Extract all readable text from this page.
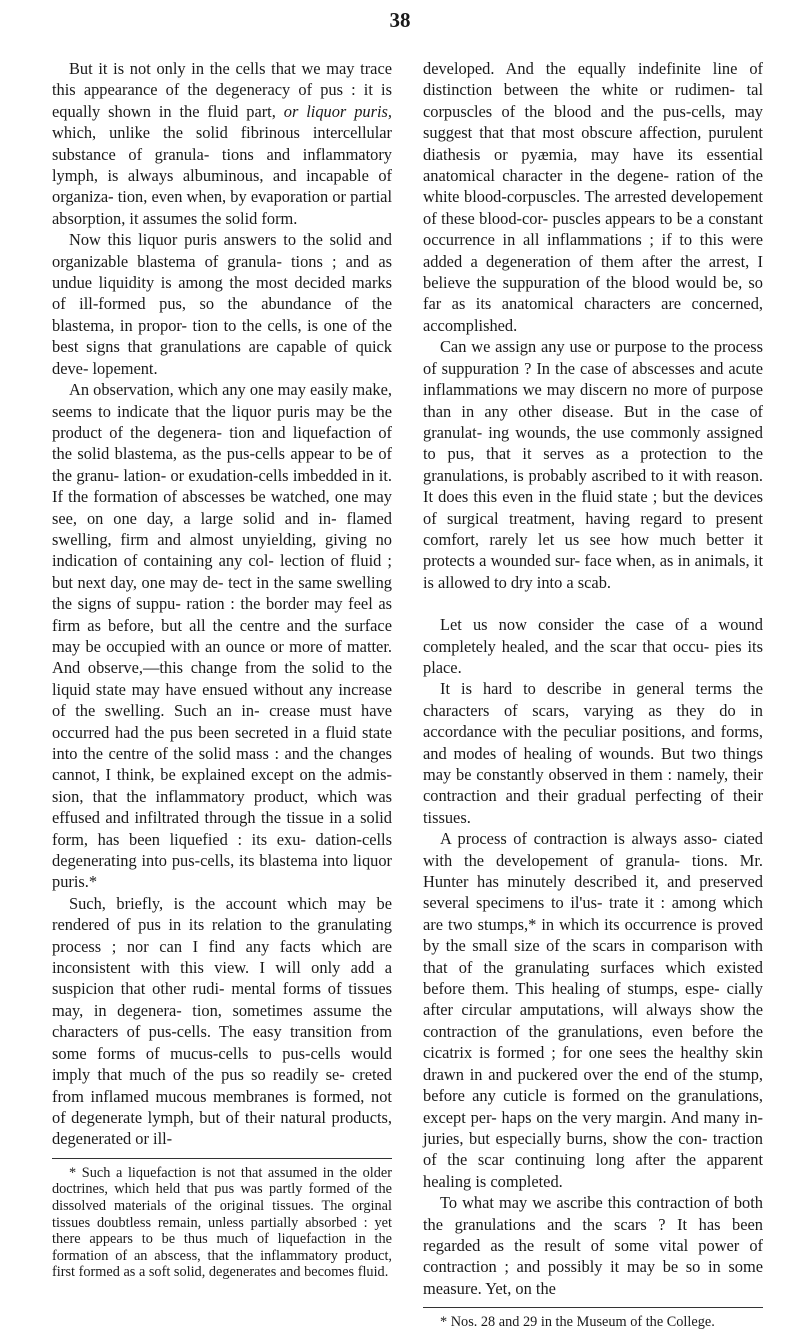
38

But it is not only in the cells that we may trace this appearance of the degeneracy of pus : it is equally shown in the fluid part, or liquor puris, which, unlike the solid fibrinous intercellular substance of granula- tions and inflammatory lymph, is always albuminous, and incapable of organiza- tion, even when, by evaporation or partial absorption, it assumes the solid form.

Now this liquor puris answers to the solid and organizable blastema of granula- tions ; and as undue liquidity is among the most decided marks of ill-formed pus, so the abundance of the blastema, in propor- tion to the cells, is one of the best signs that granulations are capable of quick deve- lopement.

An observation, which any one may easily make, seems to indicate that the liquor puris may be the product of the degenera- tion and liquefaction of the solid blastema, as the pus-cells appear to be of the granu- lation- or exudation-cells imbedded in it. If the formation of abscesses be watched, one may see, on one day, a large solid and in- flamed swelling, firm and almost unyielding, giving no indication of containing any col- lection of fluid ; but next day, one may de- tect in the same swelling the signs of suppu- ration : the border may feel as firm as before, but all the centre and the surface may be occupied with an ounce or more of matter. And observe,—this change from the solid to the liquid state may have ensued without any increase of the swelling. Such an in- crease must have occurred had the pus been secreted in a fluid state into the centre of the solid mass : and the changes cannot, I think, be explained except on the admis- sion, that the inflammatory product, which was effused and infiltrated through the tissue in a solid form, has been liquefied : its exu- dation-cells degenerating into pus-cells, its blastema into liquor puris.*

Such, briefly, is the account which may be rendered of pus in its relation to the granulating process ; nor can I find any facts which are inconsistent with this view. I will only add a suspicion that other rudi- mental forms of tissues may, in degenera- tion, sometimes assume the characters of pus-cells. The easy transition from some forms of mucus-cells to pus-cells would imply that much of the pus so readily se- creted from inflamed mucous membranes is formed, not of degenerate lymph, but of their natural products, degenerated or ill-

* Such a liquefaction is not that assumed in the older doctrines, which held that pus was partly formed of the dissolved materials of the original tissues. The orginal tissues doubtless remain, unless partially absorbed : yet there appears to be thus much of liquefaction in the formation of an abscess, that the inflammatory product, first formed as a soft solid, degenerates and becomes fluid.

developed. And the equally indefinite line of distinction between the white or rudimen- tal corpuscles of the blood and the pus-cells, may suggest that that most obscure affection, purulent diathesis or pyæmia, may have its essential anatomical character in the degene- ration of the white blood-corpuscles. The arrested developement of these blood-cor- puscles appears to be a constant occurrence in all inflammations ; if to this were added a degeneration of them after the arrest, I believe the suppuration of the blood would be, so far as its anatomical characters are concerned, accomplished.

Can we assign any use or purpose to the process of suppuration ? In the case of abscesses and acute inflammations we may discern no more of purpose than in any other disease. But in the case of granulat- ing wounds, the use commonly assigned to pus, that it serves as a protection to the granulations, is probably ascribed to it with reason. It does this even in the fluid state ; but the devices of surgical treatment, having regard to present comfort, rarely let us see how much better it protects a wounded sur- face when, as in animals, it is allowed to dry into a scab.

Let us now consider the case of a wound completely healed, and the scar that occu- pies its place.

It is hard to describe in general terms the characters of scars, varying as they do in accordance with the peculiar positions, and forms, and modes of healing of wounds. But two things may be constantly observed in them : namely, their contraction and their gradual perfecting of their tissues.

A process of contraction is always asso- ciated with the developement of granula- tions. Mr. Hunter has minutely described it, and preserved several specimens to il'us- trate it : among which are two stumps,* in which its occurrence is proved by the small size of the scars in comparison with that of the granulating surfaces which existed before them. This healing of stumps, espe- cially after circular amputations, will always show the contraction of the granulations, even before the cicatrix is formed ; for one sees the healthy skin drawn in and puckered over the end of the stump, before any cuticle is formed on the granulations, except per- haps on the very margin. And many in- juries, but especially burns, show the con- traction of the scar continuing long after the apparent healing is completed.

To what may we ascribe this contraction of both the granulations and the scars ? It has been regarded as the result of some vital power of contraction ; and possibly it may be so in some measure. Yet, on the

* Nos. 28 and 29 in the Museum of the College.
